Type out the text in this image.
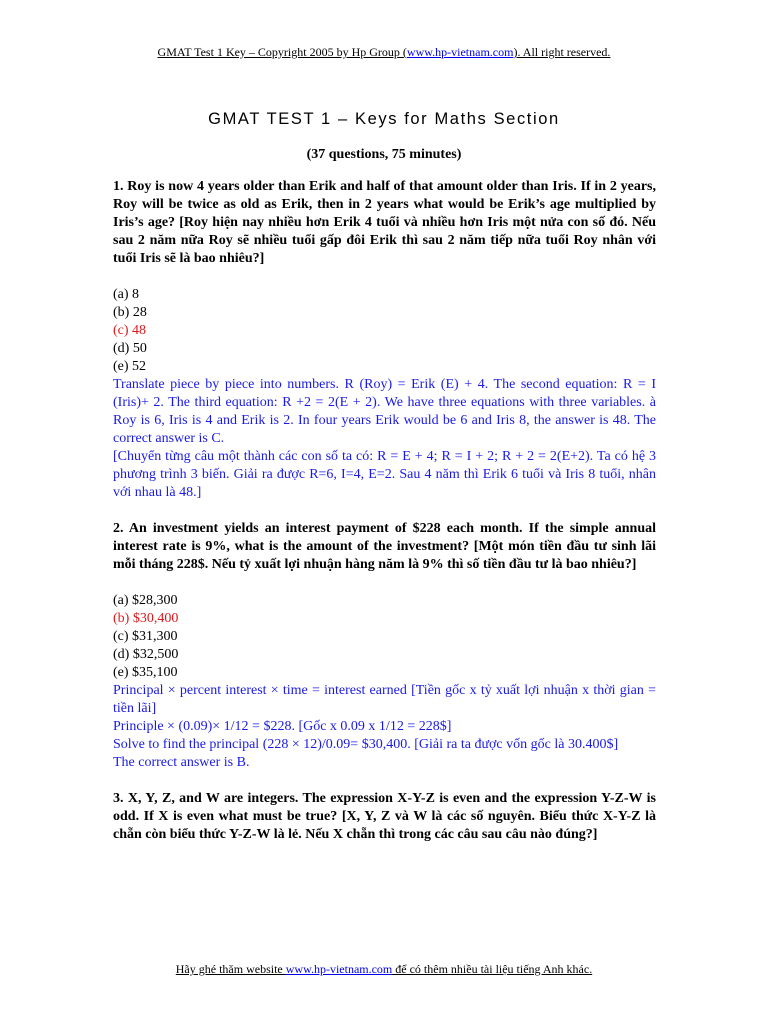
GMAT Test 1 Key – Copyright 2005 by Hp Group (www.hp-vietnam.com). All right reserved.
GMAT TEST 1 – Keys for Maths Section
(37 questions, 75 minutes)

1. Roy is now 4 years older than Erik and half of that amount older than Iris. If in 2 years, Roy will be twice as old as Erik, then in 2 years what would be Erik’s age multiplied by Iris’s age? [Roy hiện nay nhiều hơn Erik 4 tuổi và nhiều hơn Iris một nửa con số đó. Nếu sau 2 năm nữa Roy sẽ nhiều tuổi gấp đôi Erik thì sau 2 năm tiếp nữa tuổi Roy nhân với tuổi Iris sẽ là bao nhiêu?]

(a) 8

(b) 28

(c) 48

(d) 50

(e) 52

Translate piece by piece into numbers. R (Roy) = Erik (E) + 4. The second equation: R = I (Iris)+ 2. The third equation: R +2 = 2(E + 2). We have three equations with three variables. à Roy is 6, Iris is 4 and Erik is 2. In four years Erik would be 6 and Iris 8, the answer is 48. The correct answer is C.

[Chuyển từng câu một thành các con số ta có: R = E + 4; R = I + 2; R + 2 = 2(E+2). Ta có hệ 3 phương trình 3 biến. Giải ra được R=6, I=4, E=2. Sau 4 năm thì Erik 6 tuổi và Iris 8 tuổi, nhân với nhau là 48.]

2. An investment yields an interest payment of $228 each month. If the simple annual interest rate is 9%, what is the amount of the investment? [Một món tiền đầu tư sinh lãi mỗi tháng 228$. Nếu tỷ xuất lợi nhuận hàng năm là 9% thì số tiền đầu tư là bao nhiêu?]

(a) $28,300

(b) $30,400

(c) $31,300

(d) $32,500

(e) $35,100

Principal × percent interest × time = interest earned [Tiền gốc x tỷ xuất lợi nhuận x thời gian = tiền lãi]

Principle × (0.09)× 1/12 = $228. [Gốc x 0.09 x 1/12 = 228$]

Solve to find the principal (228 × 12)/0.09= $30,400. [Giải ra ta được vốn gốc là 30.400$]

The correct answer is B.

3. X, Y, Z, and W are integers. The expression X-Y-Z is even and the expression Y-Z-W is odd. If X is even what must be true? [X, Y, Z và W là các số nguyên. Biểu thức X-Y-Z là chẵn còn biểu thức Y-Z-W là lẻ. Nếu X chẵn thì trong các câu sau câu nào đúng?]

Hãy ghé thăm website www.hp-vietnam.com để có thêm nhiều tài liệu tiếng Anh khác.
